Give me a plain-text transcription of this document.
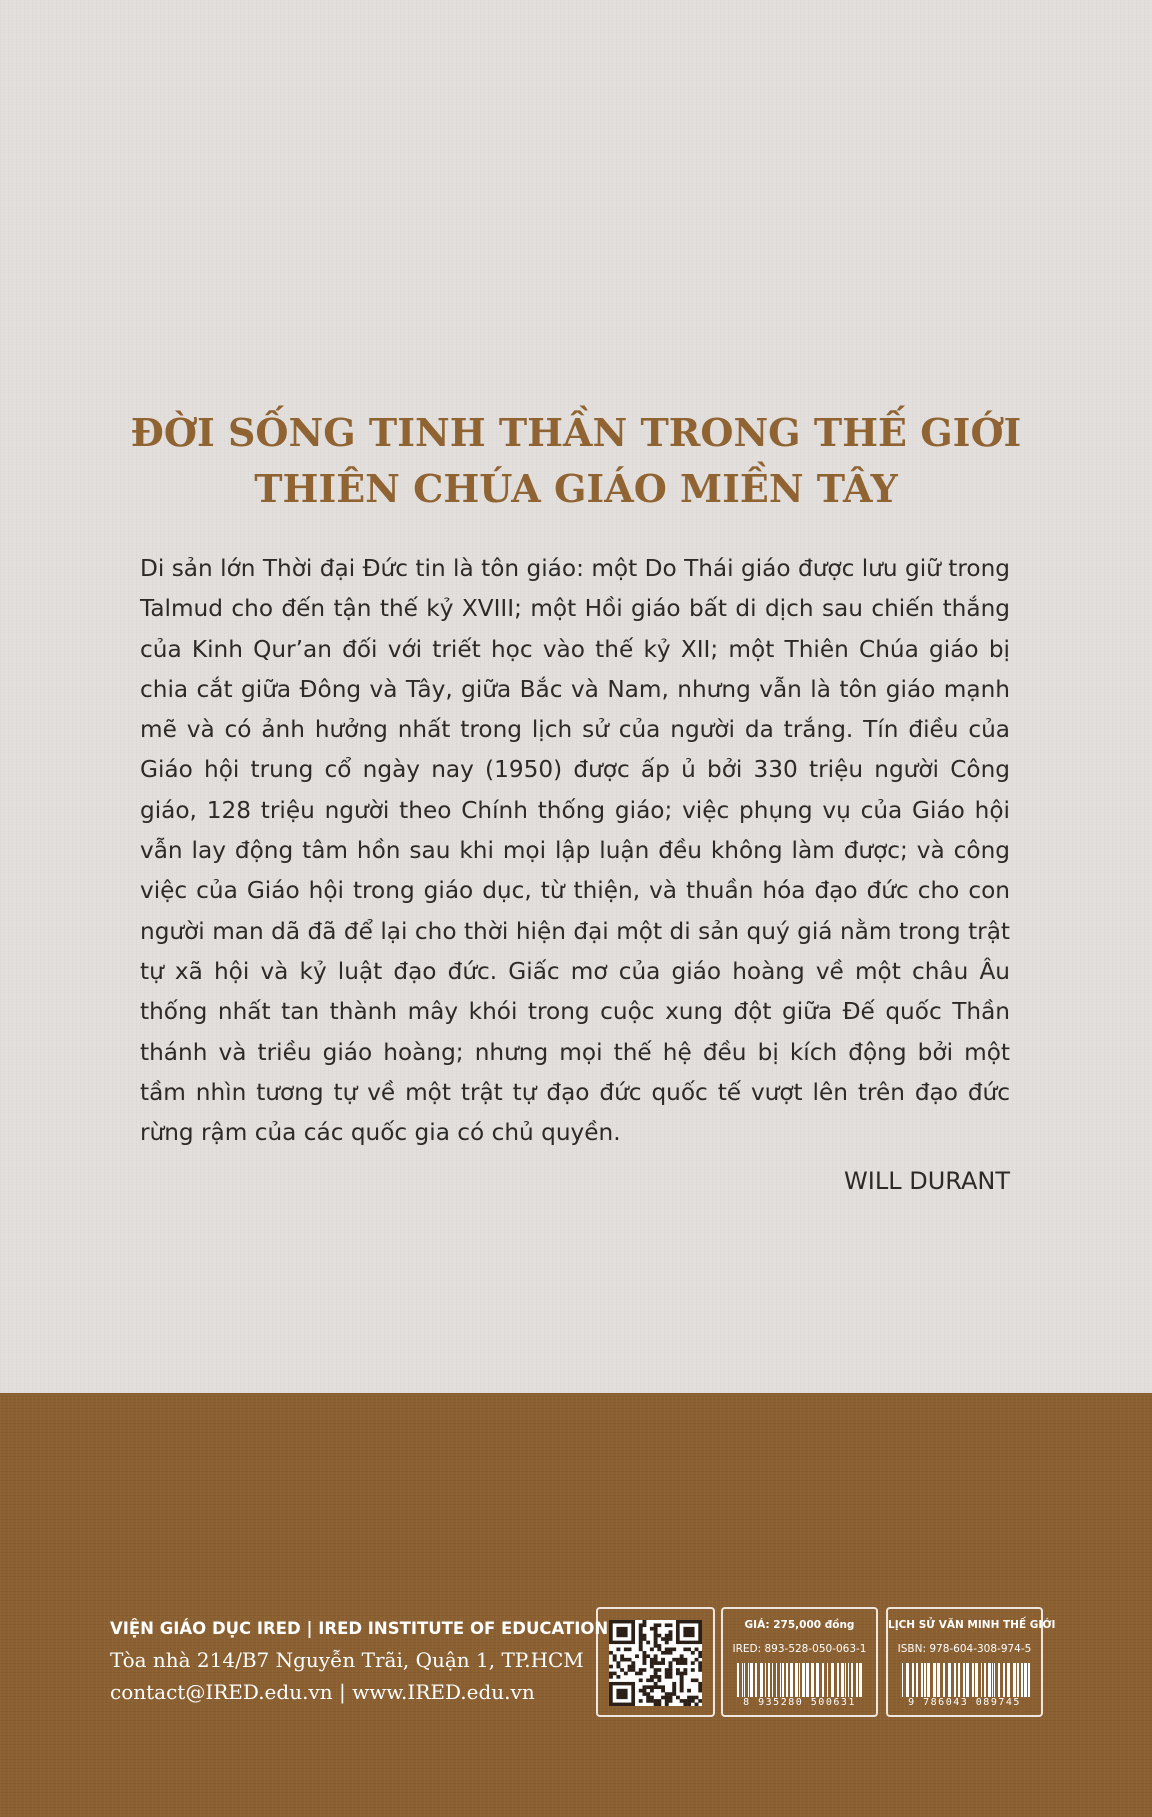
ĐỜI SỐNG TINH THẦN TRONG THẾ GIỚI
THIÊN CHÚA GIÁO MIỀN TÂY
Di sản lớn Thời đại Đức tin là tôn giáo: một Do Thái giáo được lưu giữ trong Talmud cho đến tận thế kỷ XVIII; một Hồi giáo bất di dịch sau chiến thắng của Kinh Qur’an đối với triết học vào thế kỷ XII; một Thiên Chúa giáo bị chia cắt giữa Đông và Tây, giữa Bắc và Nam, nhưng vẫn là tôn giáo mạnh mẽ và có ảnh hưởng nhất trong lịch sử của người da trắng. Tín điều của Giáo hội trung cổ ngày nay (1950) được ấp ủ bởi 330 triệu người Công giáo, 128 triệu người theo Chính thống giáo; việc phụng vụ của Giáo hội vẫn lay động tâm hồn sau khi mọi lập luận đều không làm được; và công việc của Giáo hội trong giáo dục, từ thiện, và thuần hóa đạo đức cho con người man dã đã để lại cho thời hiện đại một di sản quý giá nằm trong trật tự xã hội và kỷ luật đạo đức. Giấc mơ của giáo hoàng về một châu Âu thống nhất tan thành mây khói trong cuộc xung đột giữa Đế quốc Thần thánh và triều giáo hoàng; nhưng mọi thế hệ đều bị kích động bởi một tầm nhìn tương tự về một trật tự đạo đức quốc tế vượt lên trên đạo đức rừng rậm của các quốc gia có chủ quyền.
WILL DURANT
VIỆN GIÁO DỤC IRED | IRED INSTITUTE OF EDUCATION
Tòa nhà 214/B7 Nguyễn Trãi, Quận 1, TP.HCM
contact@IRED.edu.vn | www.IRED.edu.vn
GIÁ: 275,000 đồng
IRED: 893-528-050-063-1
8 935280 500631
LỊCH SỬ VĂN MINH THẾ GIỚI
ISBN: 978-604-308-974-5
9 786043 089745
